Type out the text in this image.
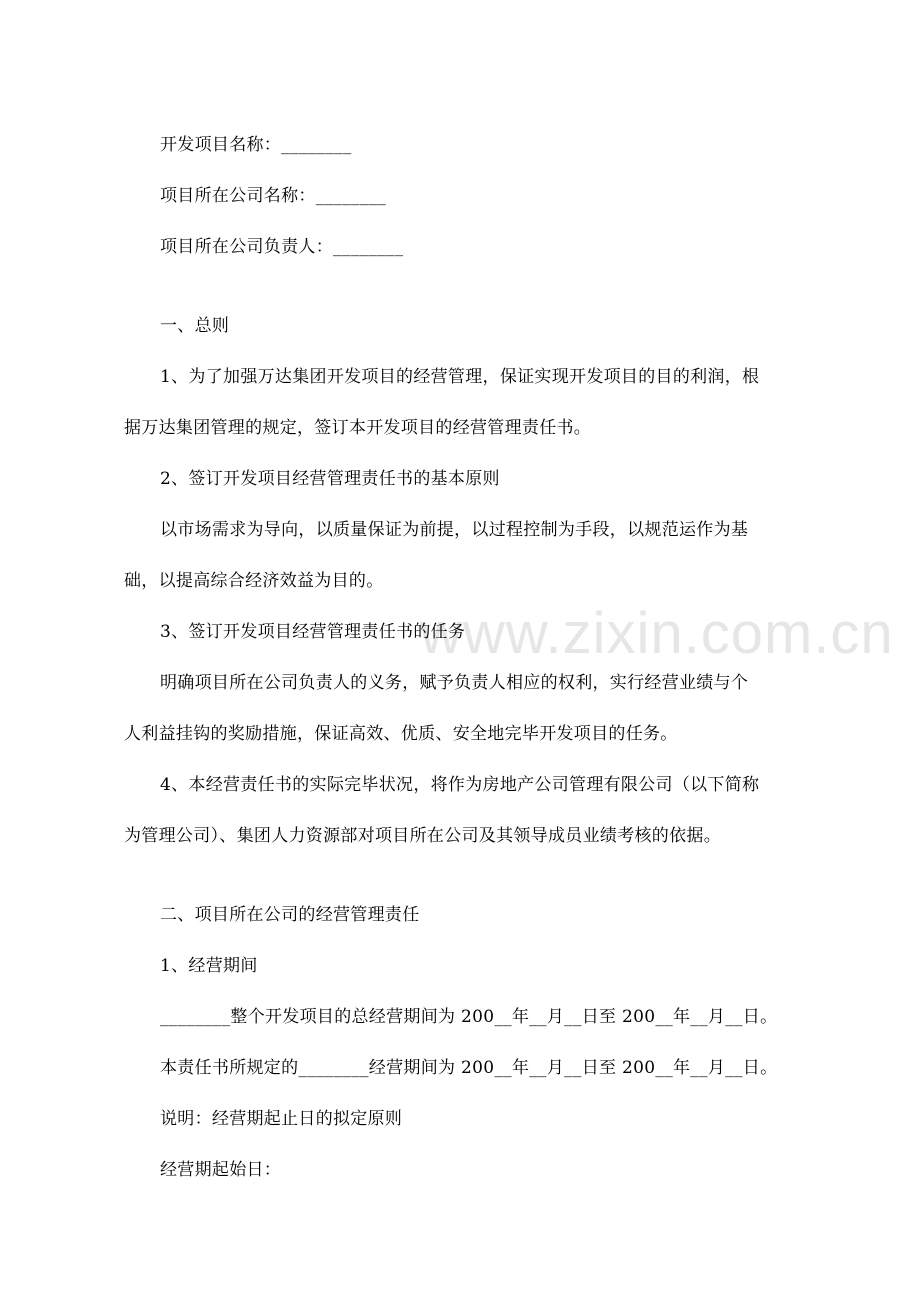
www.zixin.com.cn
开发项目名称：________
项目所在公司名称：________
项目所在公司负责人：________
一、总则
1、为了加强万达集团开发项目的经营管理，保证实现开发项目的目的利润，根
据万达集团管理的规定，签订本开发项目的经营管理责任书。
2、签订开发项目经营管理责任书的基本原则
以市场需求为导向，以质量保证为前提，以过程控制为手段，以规范运作为基
础，以提高综合经济效益为目的。
3、签订开发项目经营管理责任书的任务
明确项目所在公司负责人的义务，赋予负责人相应的权利，实行经营业绩与个
人利益挂钩的奖励措施，保证高效、优质、安全地完毕开发项目的任务。
4、本经营责任书的实际完毕状况，将作为房地产公司管理有限公司（以下简称
为管理公司）、集团人力资源部对项目所在公司及其领导成员业绩考核的依据。
二、项目所在公司的经营管理责任
1、经营期间
________整个开发项目的总经营期间为 200__年__月__日至 200__年__月__日。
本责任书所规定的________经营期间为 200__年__月__日至 200__年__月__日。
说明：经营期起止日的拟定原则
经营期起始日：
